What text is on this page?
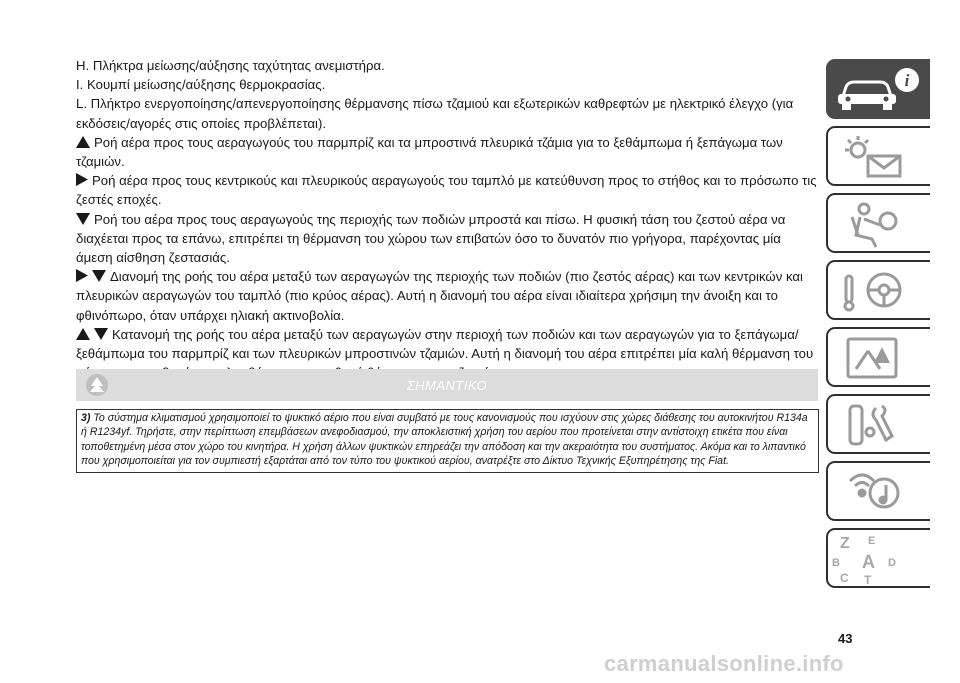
H. Πλήκτρα μείωσης/αύξησης ταχύτητας ανεμιστήρα.

I. Κουμπί μείωσης/αύξησης θερμοκρασίας.

L. Πλήκτρο ενεργοποίησης/απενεργοποίησης θέρμανσης πίσω τζαμιού και εξωτερικών καθρεφτών με ηλεκτρικό έλεγχο (για εκδόσεις/αγορές στις οποίες προβλέπεται).

Ροή αέρα προς τους αεραγωγούς του παρμπρίζ και τα μπροστινά πλευρικά τζάμια για το ξεθάμπωμα ή ξεπάγωμα των τζαμιών.

Ροή αέρα προς τους κεντρικούς και πλευρικούς αεραγωγούς του ταμπλό με κατεύθυνση προς το στήθος και το πρόσωπο τις ζεστές εποχές.

Ροή του αέρα προς τους αεραγωγούς της περιοχής των ποδιών μπροστά και πίσω. Η φυσική τάση του ζεστού αέρα να διαχέεται προς τα επάνω, επιτρέπει τη θέρμανση του χώρου των επιβατών όσο το δυνατόν πιο γρήγορα, παρέχοντας μία άμεση αίσθηση ζεστασιάς.

Διανομή της ροής του αέρα μεταξύ των αεραγωγών της περιοχής των ποδιών (πιο ζεστός αέρας) και των κεντρικών και πλευρικών αεραγωγών του ταμπλό (πιο κρύος αέρας). Αυτή η διανομή του αέρα είναι ιδιαίτερα χρήσιμη την άνοιξη και το φθινόπωρο, όταν υπάρχει ηλιακή ακτινοβολία.

Κατανομή της ροής του αέρα μεταξύ των αεραγωγών στην περιοχή των ποδιών και των αεραγωγών για το ξεπάγωμα/ξεθάμπωμα του παρμπρίζ και των πλευρικών μπροστινών τζαμιών. Αυτή η διανομή του αέρα επιτρέπει μία καλή θέρμανση του

ΣΗΜΑΝΤΙΚΟ
3) Το σύστημα κλιματισμού χρησιμοποιεί το ψυκτικό αέριο που είναι συμβατό με τους κανονισμούς που ισχύουν στις χώρες διάθεσης του αυτοκινήτου R134a ή R1234yf. Τηρήστε, στην περίπτωση επεμβάσεων ανεφοδιασμού, την αποκλειστική χρήση του αερίου που προτείνεται στην αντίστοιχη ετικέτα που είναι τοποθετημένη μέσα στον χώρο του κινητήρα. Η χρήση άλλων ψυκτικών επηρεάζει την απόδοση και την ακεραιότητα του συστήματος. Ακόμα και το λιπαντικό που χρησιμοποιείται για τον συμπιεστή εξαρτάται από τον τύπο του ψυκτικού αερίου, ανατρέξτε στο Δίκτυο Τεχνικής Εξυπηρέτησης της Fiat.
43
carmanualsonline.info
i
Z E
B A D
C T
